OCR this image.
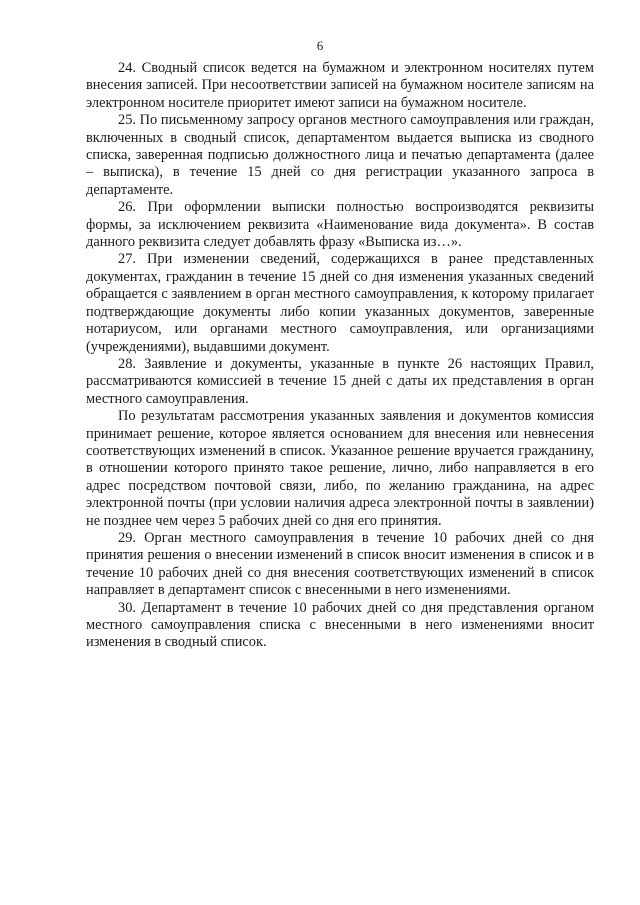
6

24. Сводный список ведется на бумажном и электронном носителях путем внесения записей. При несоответствии записей на бумажном носителе записям на электронном носителе приоритет имеют записи на бумажном носителе.

25. По письменному запросу органов местного самоуправления или граждан, включенных в сводный список, департаментом выдается выписка из сводного списка, заверенная подписью должностного лица и печатью департамента (далее – выписка), в течение 15 дней со дня регистрации указанного запроса в департаменте.

26. При оформлении выписки полностью воспроизводятся реквизиты формы, за исключением реквизита «Наименование вида документа». В состав данного реквизита следует добавлять фразу «Выписка из…».

27. При изменении сведений, содержащихся в ранее представленных документах, гражданин в течение 15 дней со дня изменения указанных сведений обращается с заявлением в орган местного самоуправления, к которому прилагает подтверждающие документы либо копии указанных документов, заверенные нотариусом, или органами местного самоуправления, или организациями (учреждениями), выдавшими документ.

28. Заявление и документы, указанные в пункте 26 настоящих Правил, рассматриваются комиссией в течение 15 дней с даты их представления в орган местного самоуправления.

По результатам рассмотрения указанных заявления и документов комиссия принимает решение, которое является основанием для внесения или невнесения соответствующих изменений в список. Указанное решение вручается гражданину, в отношении которого принято такое решение, лично, либо направляется в его адрес посредством почтовой связи, либо, по желанию гражданина, на адрес электронной почты (при условии наличия адреса электронной почты в заявлении) не позднее чем через 5 рабочих дней со дня его принятия.

29. Орган местного самоуправления в течение 10 рабочих дней со дня принятия решения о внесении изменений в список вносит изменения в список и в течение 10 рабочих дней со дня внесения соответствующих изменений в список направляет в департамент список с внесенными в него изменениями.

30. Департамент в течение 10 рабочих дней со дня представления органом местного самоуправления списка с внесенными в него изменениями вносит изменения в сводный список.
